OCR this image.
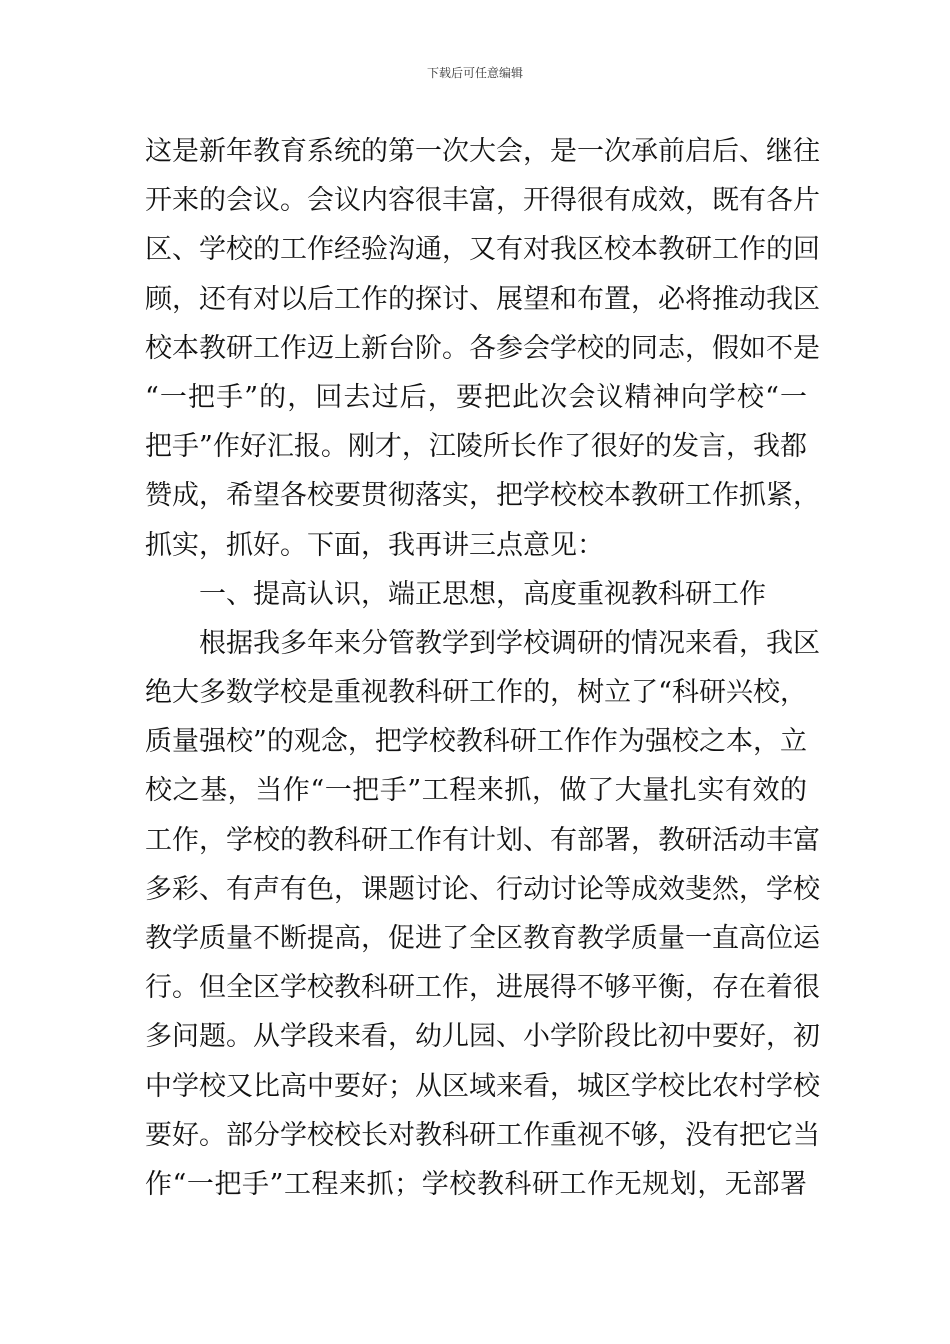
下载后可任意编辑
这是新年教育系统的第一次大会，是一次承前启后、继往
开来的会议。会议内容很丰富，开得很有成效，既有各片
区、学校的工作经验沟通，又有对我区校本教研工作的回
顾，还有对以后工作的探讨、展望和布置，必将推动我区
校本教研工作迈上新台阶。各参会学校的同志，假如不是
“一把手”的，回去过后，要把此次会议精神向学校“一
把手”作好汇报。刚才，江陵所长作了很好的发言，我都
赞成，希望各校要贯彻落实，把学校校本教研工作抓紧，
抓实，抓好。下面，我再讲三点意见：
一、提高认识，端正思想，高度重视教科研工作
根据我多年来分管教学到学校调研的情况来看，我区
绝大多数学校是重视教科研工作的，树立了“科研兴校，
质量强校”的观念，把学校教科研工作作为强校之本，立
校之基，当作“一把手”工程来抓，做了大量扎实有效的
工作，学校的教科研工作有计划、有部署，教研活动丰富
多彩、有声有色，课题讨论、行动讨论等成效斐然，学校
教学质量不断提高，促进了全区教育教学质量一直高位运
行。但全区学校教科研工作，进展得不够平衡，存在着很
多问题。从学段来看，幼儿园、小学阶段比初中要好，初
中学校又比高中要好；从区域来看，城区学校比农村学校
要好。部分学校校长对教科研工作重视不够，没有把它当
作“一把手”工程来抓；学校教科研工作无规划，无部署
